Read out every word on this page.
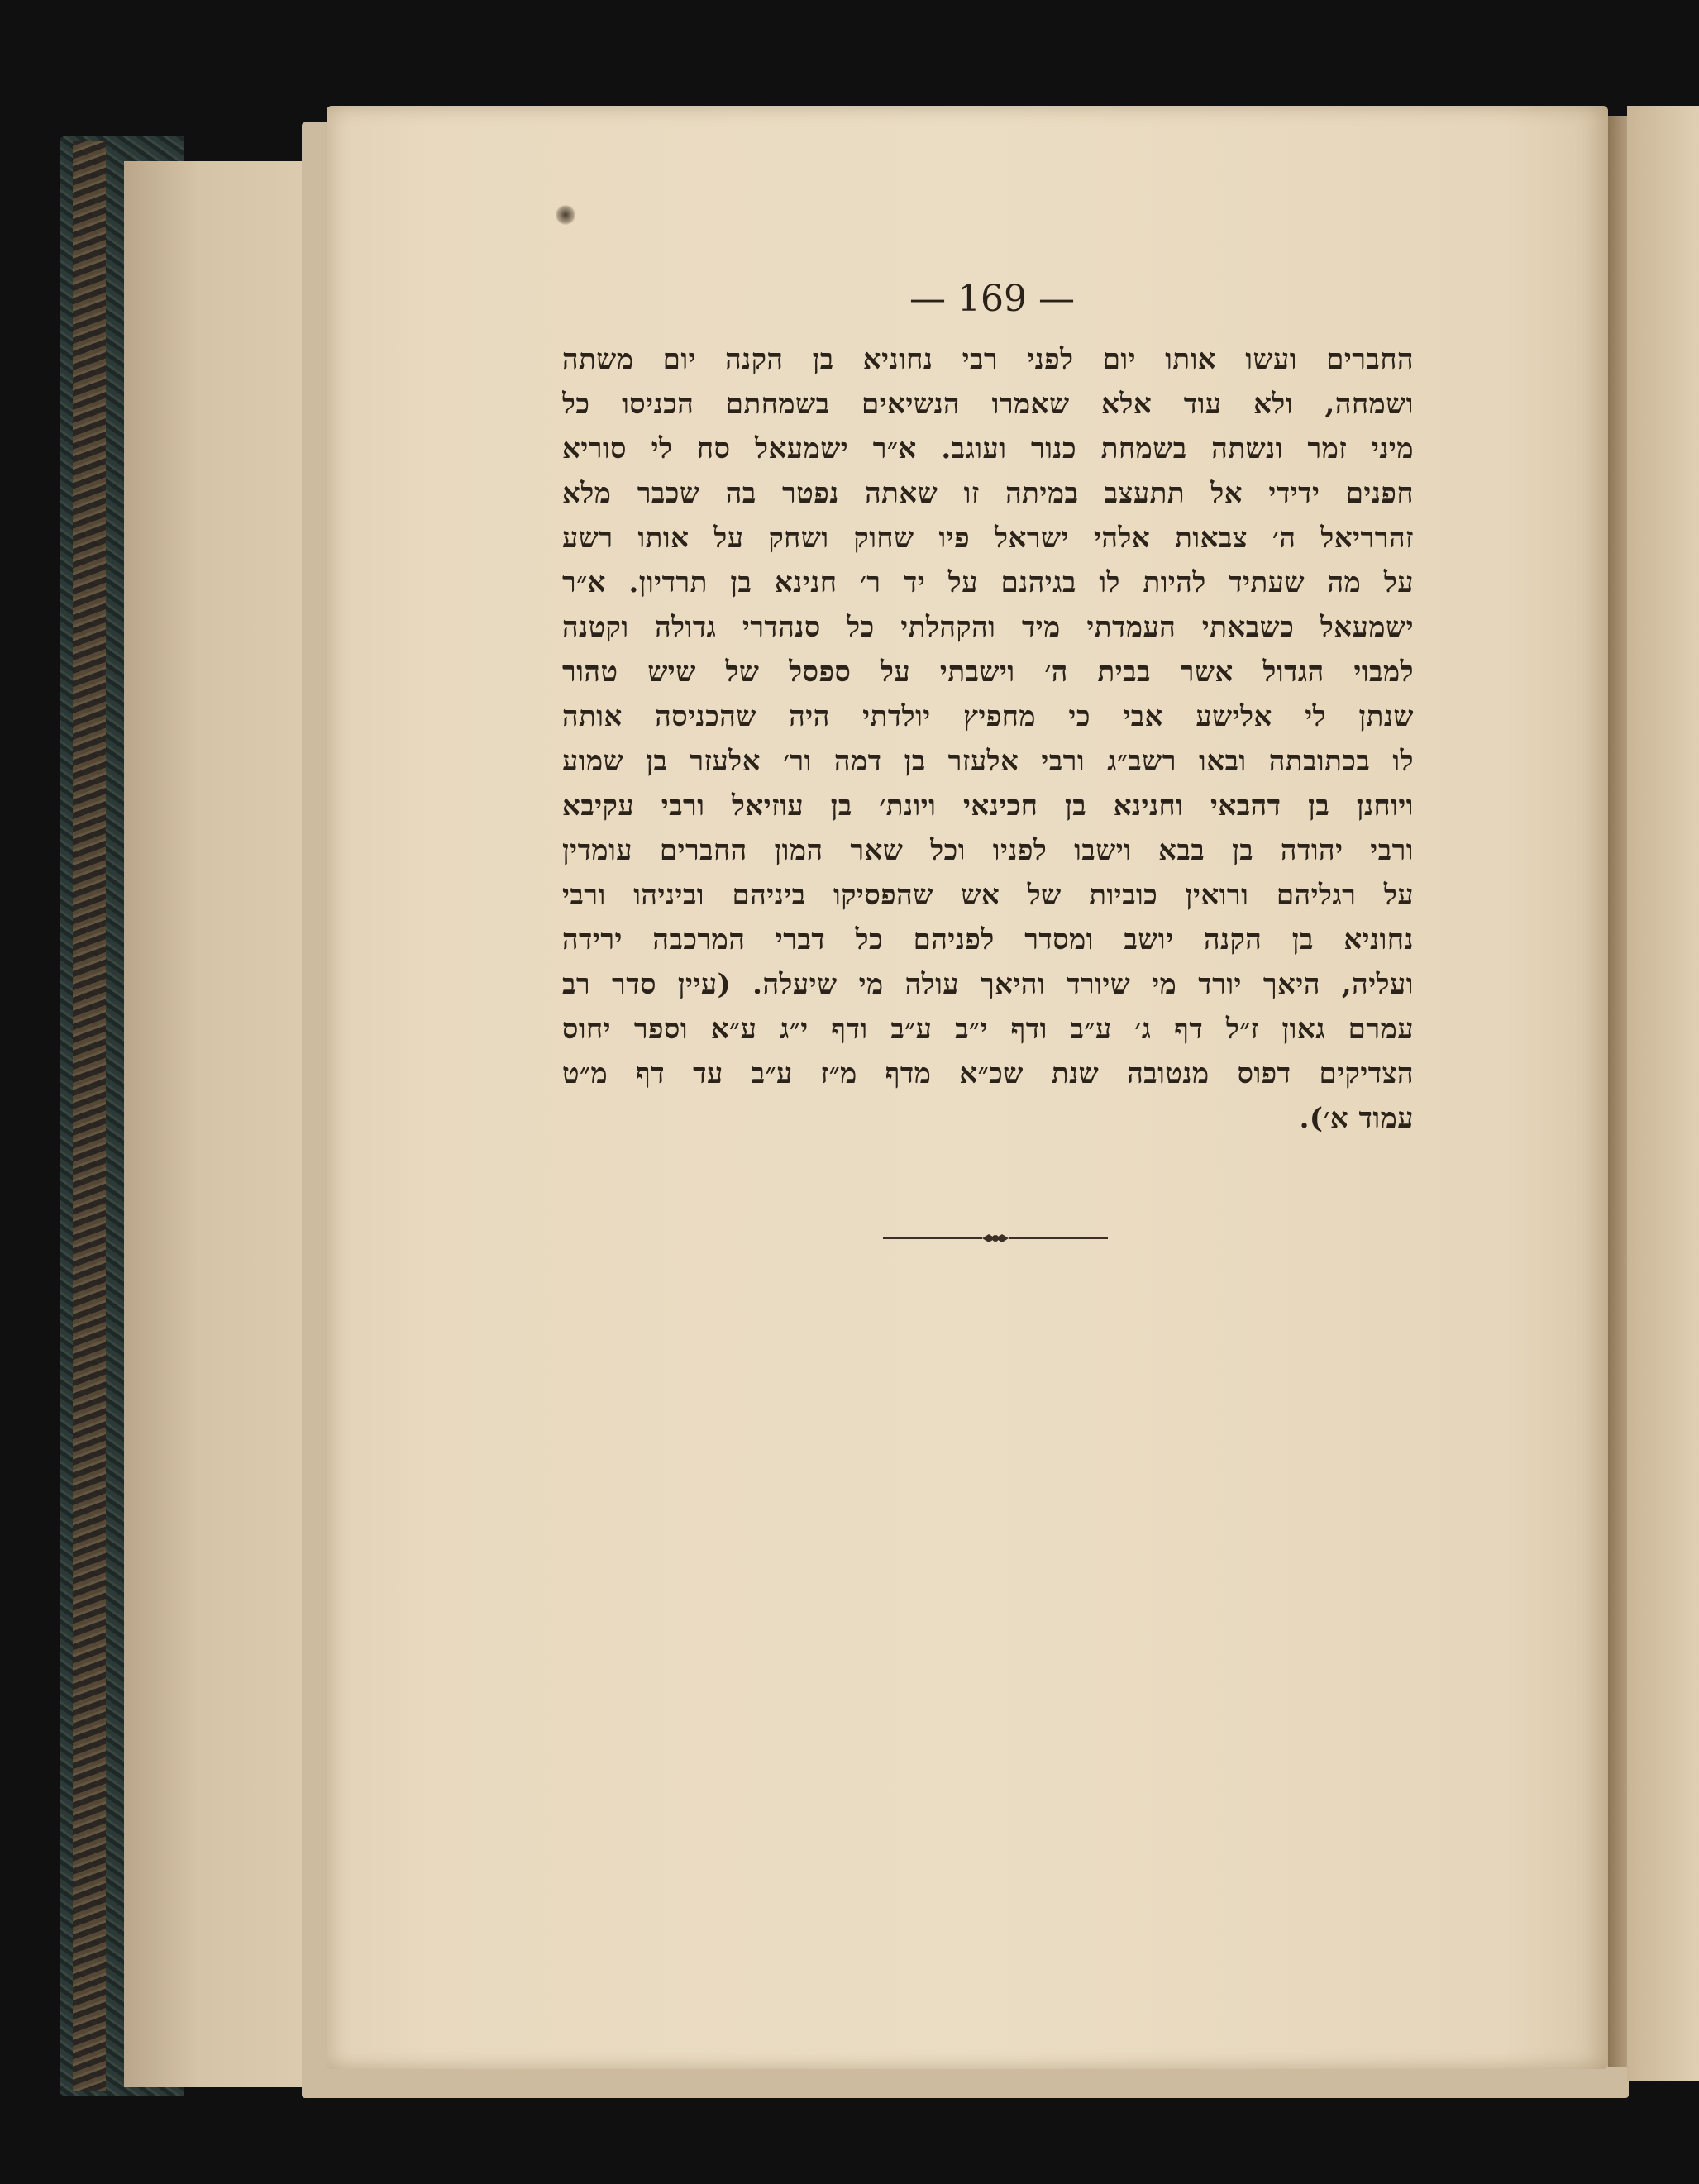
— 169 —
החברים ועשו אותו יום לפני רבי נחוניא בן הקנה יום משתה
ושמחה, ולא עוד אלא שאמרו הנשיאים בשמחתם הכניסו כל
מיני זמר ונשתה בשמחת כנור ועוגב. א״ר ישמעאל סח לי סוריא
חפנים ידידי אל תתעצב במיתה זו שאתה נפטר בה שכבר מלא
זהרריאל ה׳ צבאות אלהי ישראל פיו שחוק ושחק על אותו רשע
על מה שעתיד להיות לו בגיהנם על יד ר׳ חנינא בן תרדיון. א״ר
ישמעאל כשבאתי העמדתי מיד והקהלתי כל סנהדרי גדולה וקטנה
למבוי הגדול אשר בבית ה׳ וישבתי על ספסל של שיש טהור
שנתן לי אלישע אבי כי מחפיץ יולדתי היה שהכניסה אותה
לו בכתובתה ובאו רשב״ג ורבי אלעזר בן דמה ור׳ אלעזר בן שמוע
ויוחנן בן דהבאי וחנינא בן חכינאי ויונת׳ בן עוזיאל ורבי עקיבא
ורבי יהודה בן בבא וישבו לפניו וכל שאר המון החברים עומדין
על רגליהם ורואין כוביות של אש שהפסיקו ביניהם וביניהו ורבי
נחוניא בן הקנה יושב ומסדר לפניהם כל דברי המרכבה ירידה
ועליה, היאך יורד מי שיורד והיאך עולה מי שיעלה. (עיין סדר רב
עמרם גאון ז״ל דף ג׳ ע״ב ודף י״ב ע״ב ודף י״ג ע״א וספר יחוס
הצדיקים דפוס מנטובה שנת שכ״א מדף מ״ז ע״ב עד דף מ״ט
עמוד א׳).
